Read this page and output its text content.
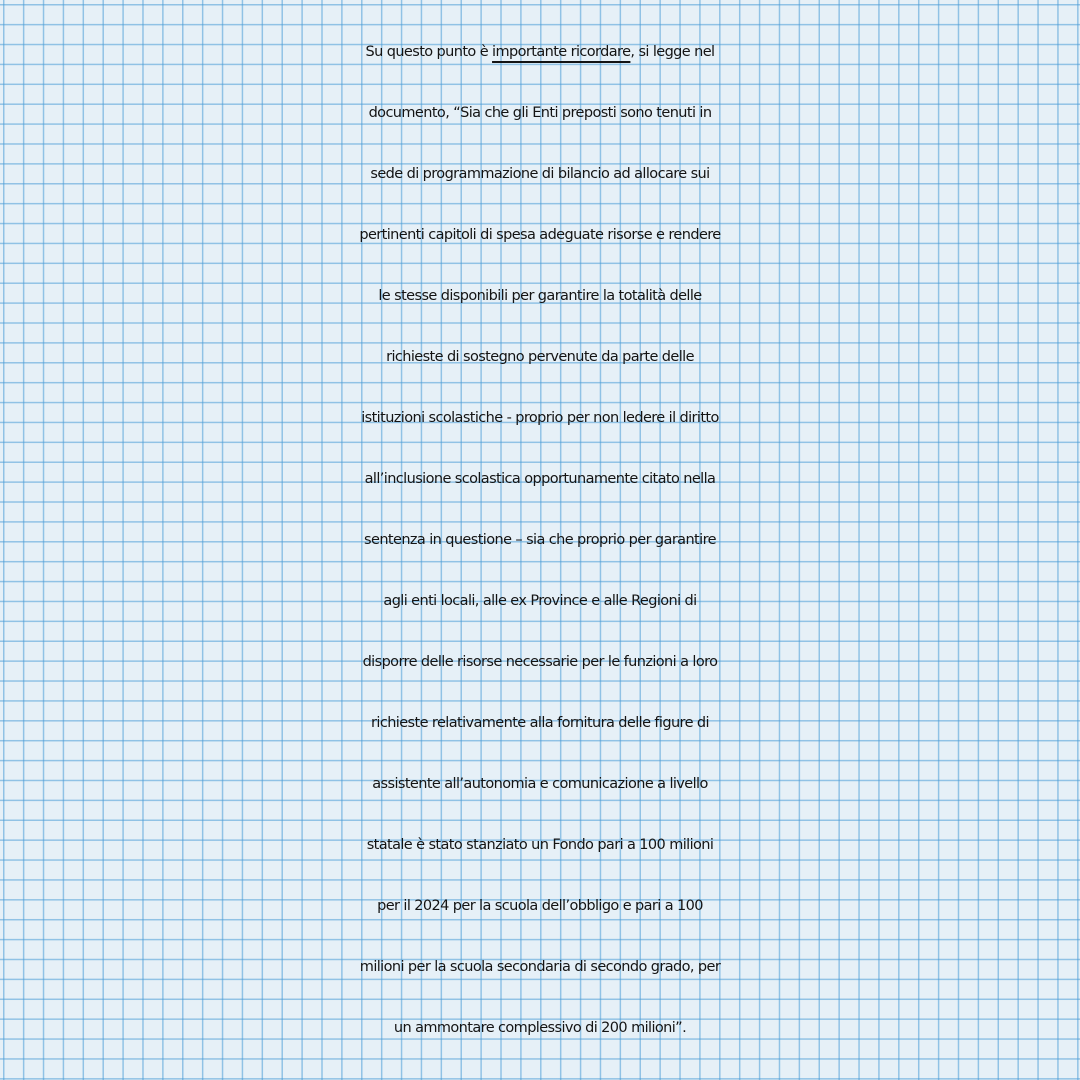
Su questo punto è importante ricordare, si legge nel
documento, “Sia che gli Enti preposti sono tenuti in
sede di programmazione di bilancio ad allocare sui
pertinenti capitoli di spesa adeguate risorse e rendere
le stesse disponibili per garantire la totalità delle
richieste di sostegno pervenute da parte delle
istituzioni scolastiche - proprio per non ledere il diritto
all’inclusione scolastica opportunamente citato nella
sentenza in questione – sia che proprio per garantire
agli enti locali, alle ex Province e alle Regioni di
disporre delle risorse necessarie per le funzioni a loro
richieste relativamente alla fornitura delle figure di
assistente all’autonomia e comunicazione a livello
statale è stato stanziato un Fondo pari a 100 milioni
per il 2024 per la scuola dell’obbligo e pari a 100
milioni per la scuola secondaria di secondo grado, per
un ammontare complessivo di 200 milioni”.
